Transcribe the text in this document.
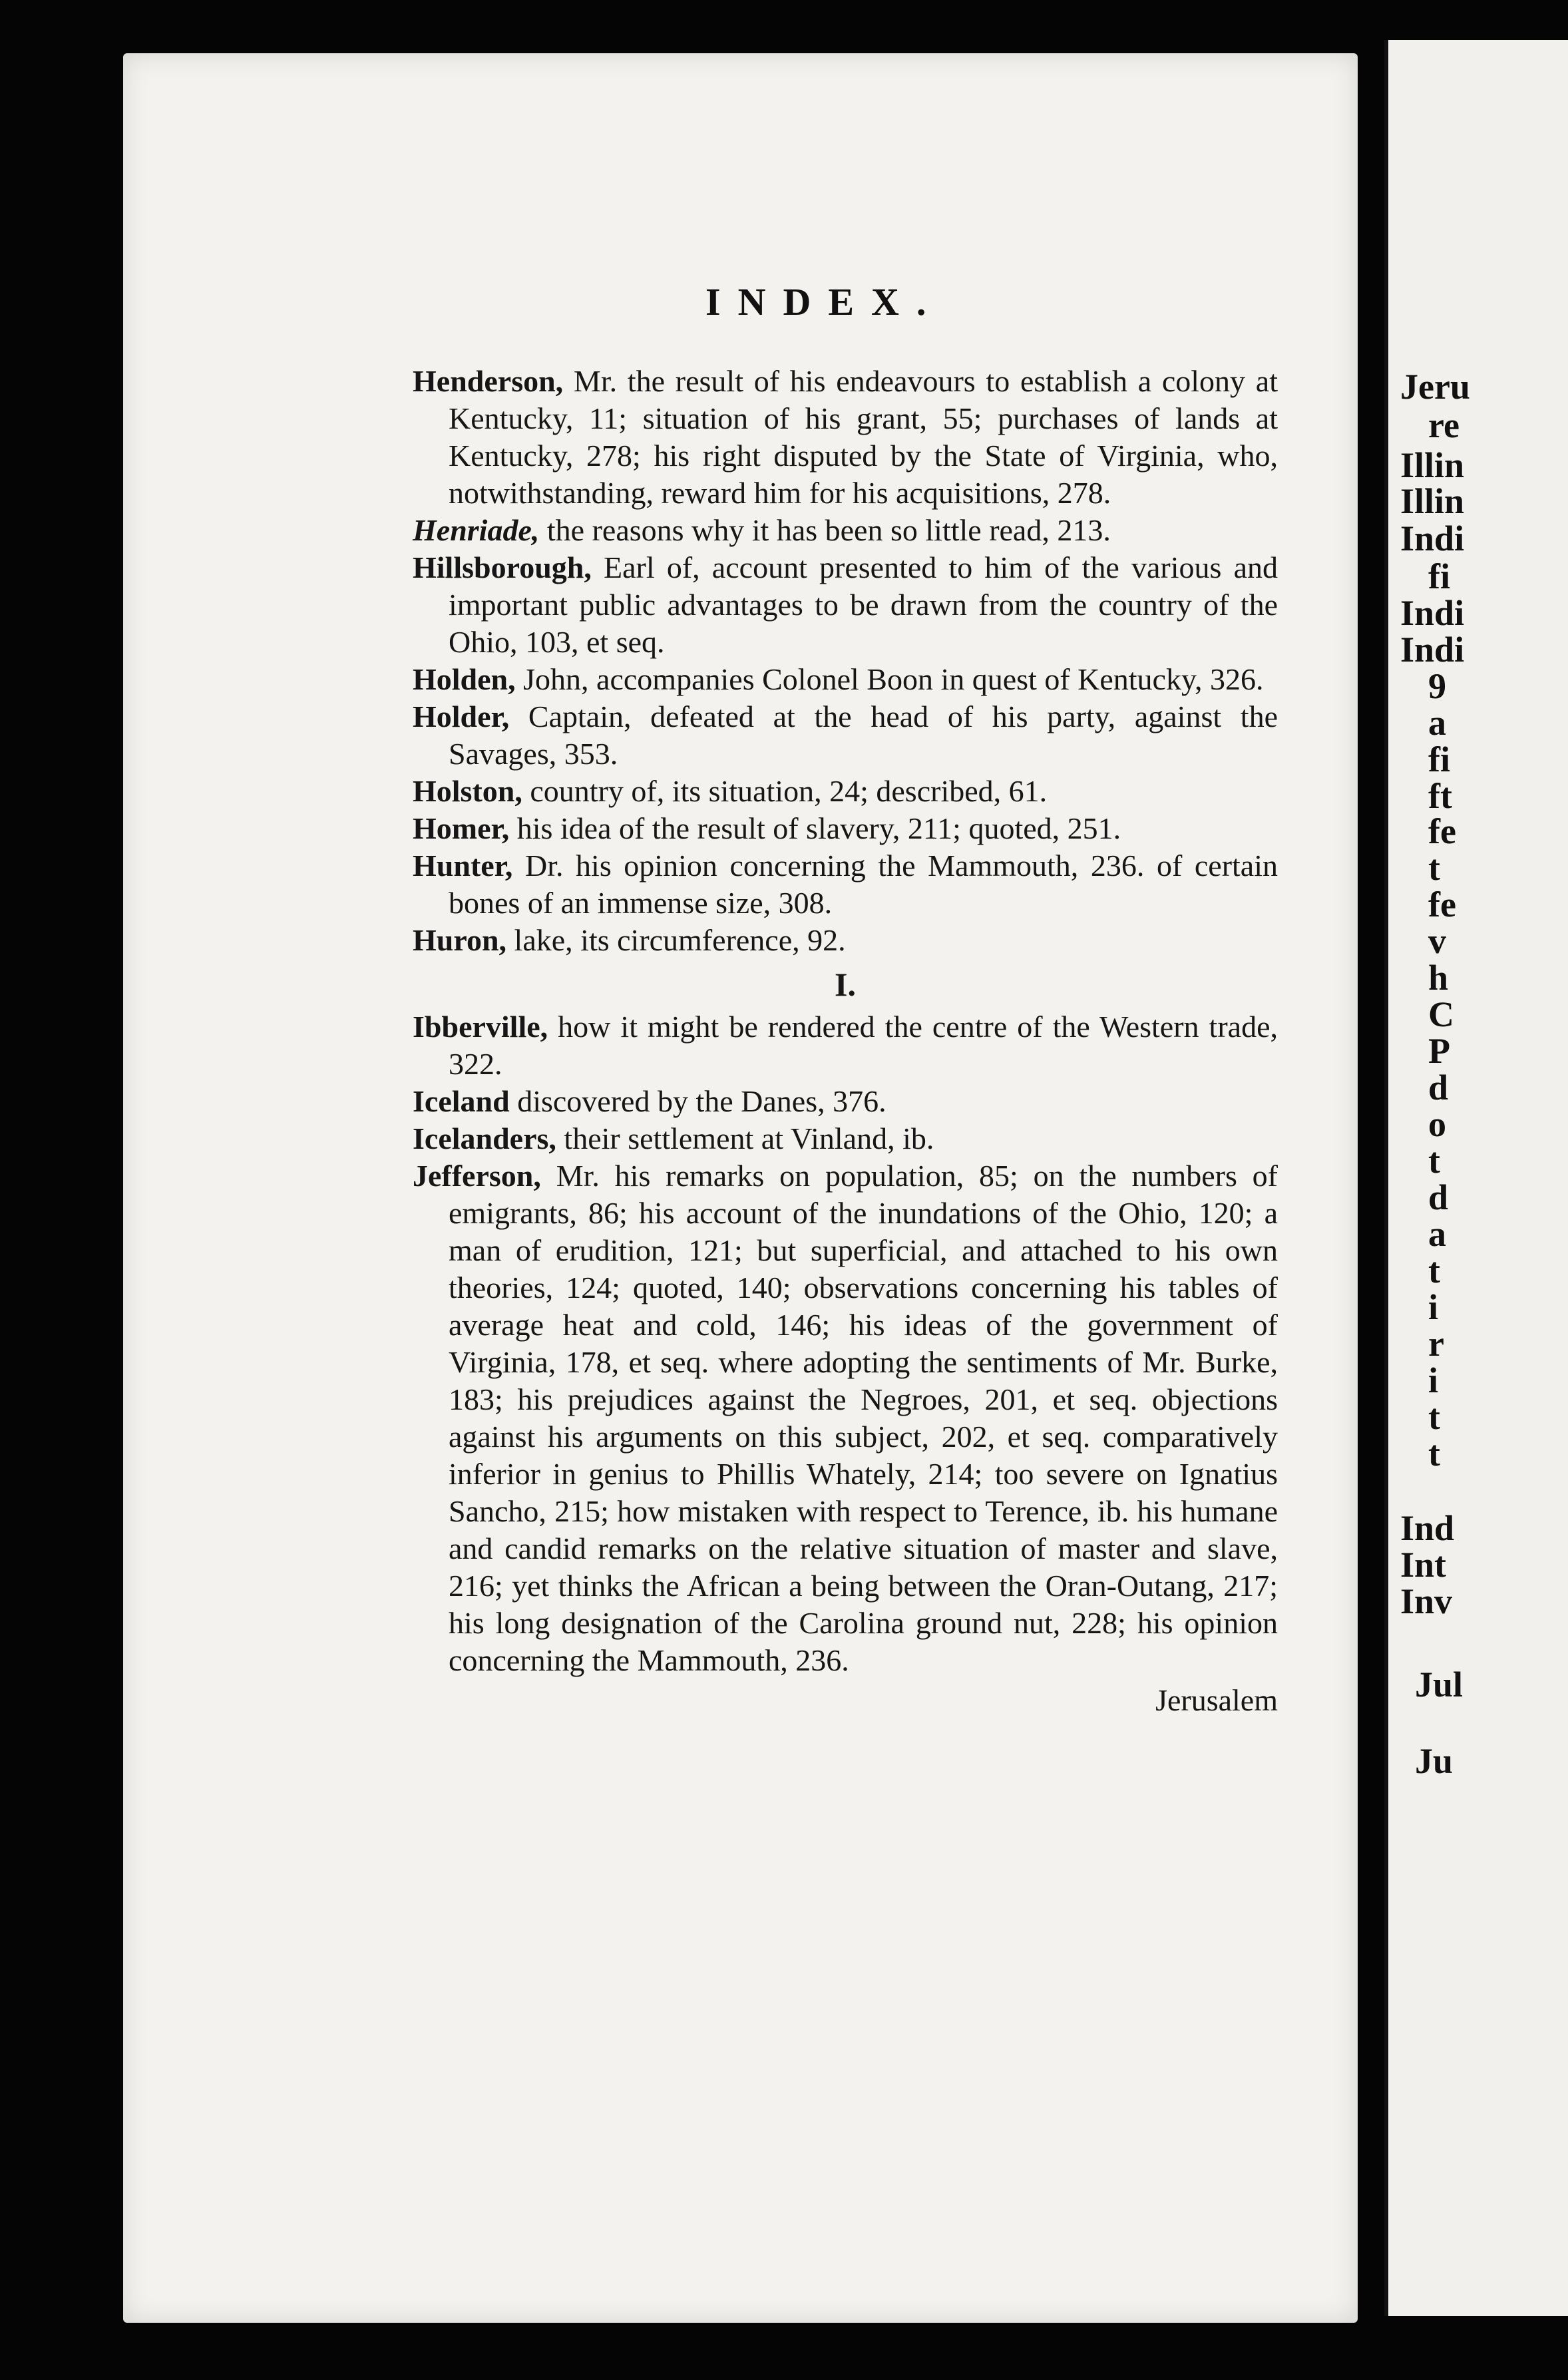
Jeru
re
Illin
Illin
Indi
fi
Indi
Indi
9
a
fi
ft
fe
t
fe
v
h
C
P
d
o
t
d
a
t
i
r
i
t
t
Ind
Int
Inv
Jul
Ju
INDEX.

Henderson, Mr. the result of his endeavours to establish a colony at Kentucky, 11; situation of his grant, 55; purchases of lands at Kentucky, 278; his right disputed by the State of Virginia, who, notwithstanding, reward him for his acquisitions, 278.

Henriade, the reasons why it has been so little read, 213.

Hillsborough, Earl of, account presented to him of the various and important public advantages to be drawn from the country of the Ohio, 103, et seq.

Holden, John, accompanies Colonel Boon in quest of Kentucky, 326.

Holder, Captain, defeated at the head of his party, against the Savages, 353.

Holston, country of, its situation, 24; described, 61.

Homer, his idea of the result of slavery, 211; quoted, 251.

Hunter, Dr. his opinion concerning the Mammouth, 236. of certain bones of an immense size, 308.

Huron, lake, its circumference, 92.

I.

Ibberville, how it might be rendered the centre of the Western trade, 322.

Iceland discovered by the Danes, 376.

Icelanders, their settlement at Vinland, ib.

Jefferson, Mr. his remarks on population, 85; on the numbers of emigrants, 86; his account of the inundations of the Ohio, 120; a man of erudition, 121; but superficial, and attached to his own theories, 124; quoted, 140; observations concerning his tables of average heat and cold, 146; his ideas of the government of Virginia, 178, et seq. where adopting the sentiments of Mr. Burke, 183; his prejudices against the Negroes, 201, et seq. objections against his arguments on this subject, 202, et seq. comparatively inferior in genius to Phillis Whately, 214; too severe on Ignatius Sancho, 215; how mistaken with respect to Terence, ib. his humane and candid remarks on the relative situation of master and slave, 216; yet thinks the African a being between the Oran-Outang, 217; his long designation of the Carolina ground nut, 228; his opinion concerning the Mammouth, 236.

Jerusalem
